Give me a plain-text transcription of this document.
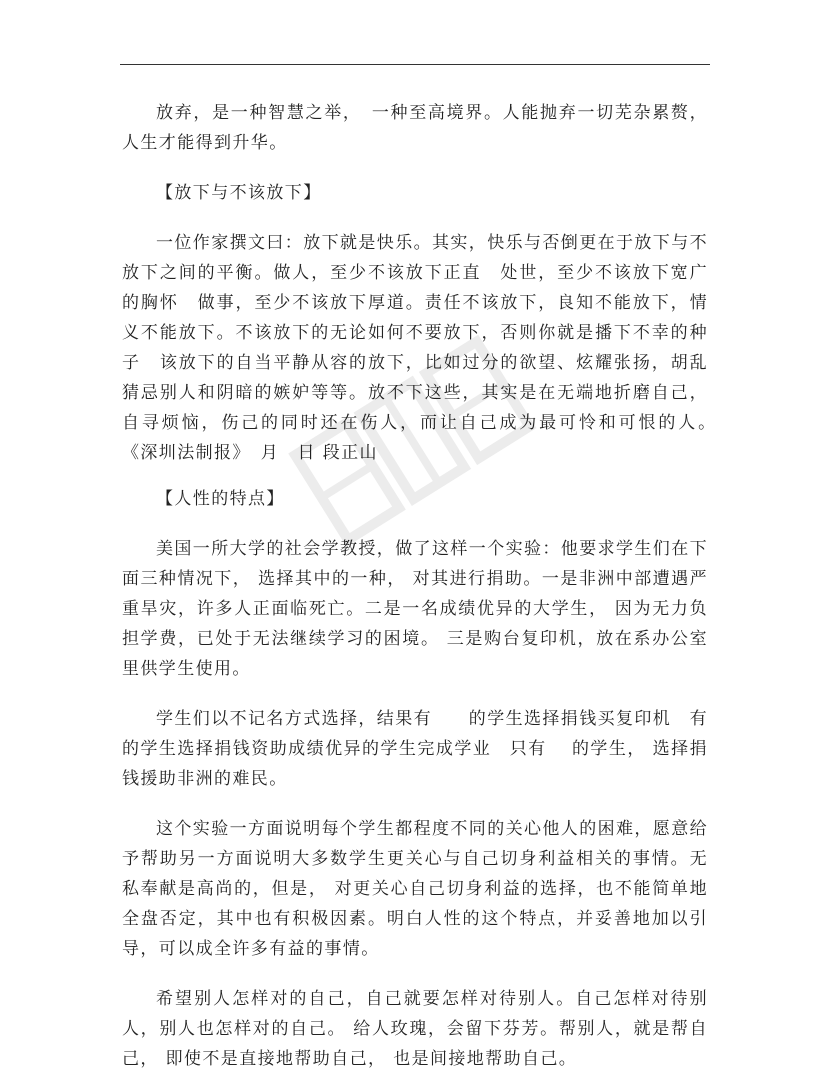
放弃，是一种智慧之举，　一种至高境界。人能抛弃一切芜杂累赘，人生才能得到升华。

【放下与不该放下】

一位作家撰文曰：放下就是快乐。其实，快乐与否倒更在于放下与不放下之间的平衡。做人，至少不该放下正直　处世，至少不该放下宽广的胸怀　做事，至少不该放下厚道。责任不该放下，良知不能放下，情义不能放下。不该放下的无论如何不要放下，否则你就是播下不幸的种子　该放下的自当平静从容的放下，比如过分的欲望、炫耀张扬，胡乱猜忌别人和阴暗的嫉妒等等。放不下这些，其实是在无端地折磨自己，自寻烦恼，伤己的同时还在伤人，而让自己成为最可怜和可恨的人。　《深圳法制报》　月　日 段正山

【人性的特点】

美国一所大学的社会学教授，做了这样一个实验：他要求学生们在下面三种情况下， 选择其中的一种， 对其进行捐助。一是非洲中部遭遇严重旱灾，许多人正面临死亡。二是一名成绩优异的大学生， 因为无力负担学费，已处于无法继续学习的困境。 三是购台复印机，放在系办公室里供学生使用。

学生们以不记名方式选择，结果有　　的学生选择捐钱买复印机　有　　的学生选择捐钱资助成绩优异的学生完成学业　只有　 的学生， 选择捐钱援助非洲的难民。

这个实验一方面说明每个学生都程度不同的关心他人的困难，愿意给予帮助另一方面说明大多数学生更关心与自己切身利益相关的事情。无私奉献是高尚的，但是， 对更关心自己切身利益的选择，也不能简单地全盘否定，其中也有积极因素。明白人性的这个特点，并妥善地加以引导，可以成全许多有益的事情。

希望别人怎样对的自己，自己就要怎样对待别人。自己怎样对待别人，别人也怎样对的自己。 给人玫瑰，会留下芬芳。帮别人，就是帮自己， 即使不是直接地帮助自己， 也是间接地帮助自己。
